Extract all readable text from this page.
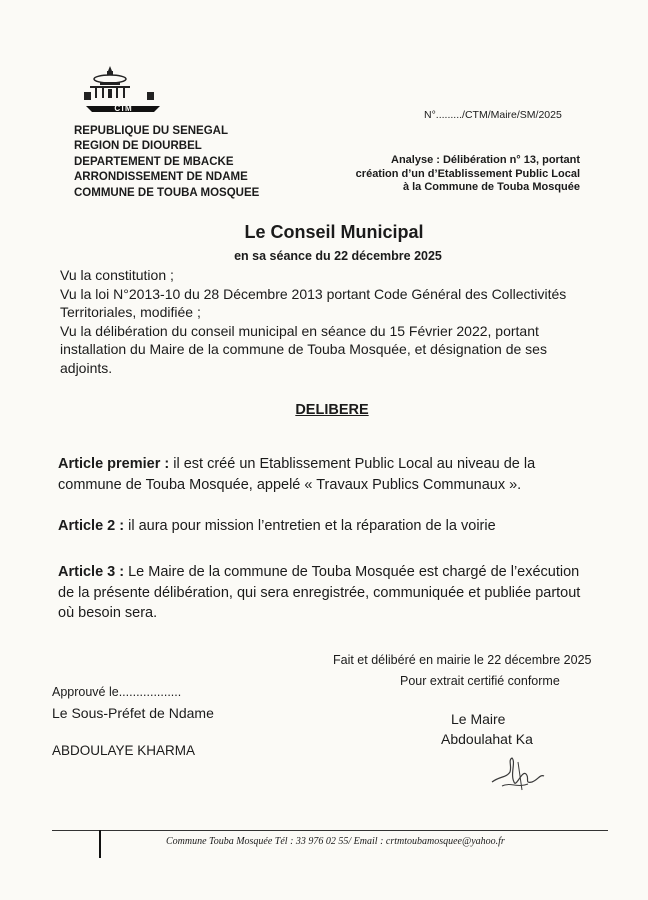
CTM
REPUBLIQUE DU SENEGAL
REGION DE DIOURBEL
DEPARTEMENT DE MBACKE
ARRONDISSEMENT DE NDAME
COMMUNE DE TOUBA MOSQUEE
N°........./CTM/Maire/SM/2025
Analyse : Délibération n° 13, portant
création d’un d’Etablissement Public Local
à la Commune de Touba Mosquée
Le Conseil Municipal
en sa séance du 22 décembre 2025

Vu la constitution ;

Vu la loi N°2013-10 du 28 Décembre 2013 portant Code Général des Collectivités Territoriales, modifiée ;

Vu la délibération du conseil municipal en séance du 15 Février 2022, portant installation du Maire de la commune de Touba Mosquée, et désignation de ses adjoints.

DELIBERE
Article premier : il est créé un Etablissement Public Local au niveau de la commune de Touba Mosquée, appelé « Travaux Publics Communaux ».
Article 2 : il aura pour mission l’entretien et la réparation de la voirie
Article 3 : Le Maire de la commune de Touba Mosquée est chargé de l’exécution de la présente délibération, qui sera enregistrée, communiquée et publiée partout où besoin sera.
Fait et délibéré en mairie le 22 décembre 2025
Pour extrait certifié conforme
Approuvé le..................
Le Sous-Préfet de Ndame
ABDOULAYE KHARMA
Le Maire
Abdoulahat Ka
Commune Touba Mosquée Tél : 33 976 02 55/ Email : crtmtoubamosquee@yahoo.fr
